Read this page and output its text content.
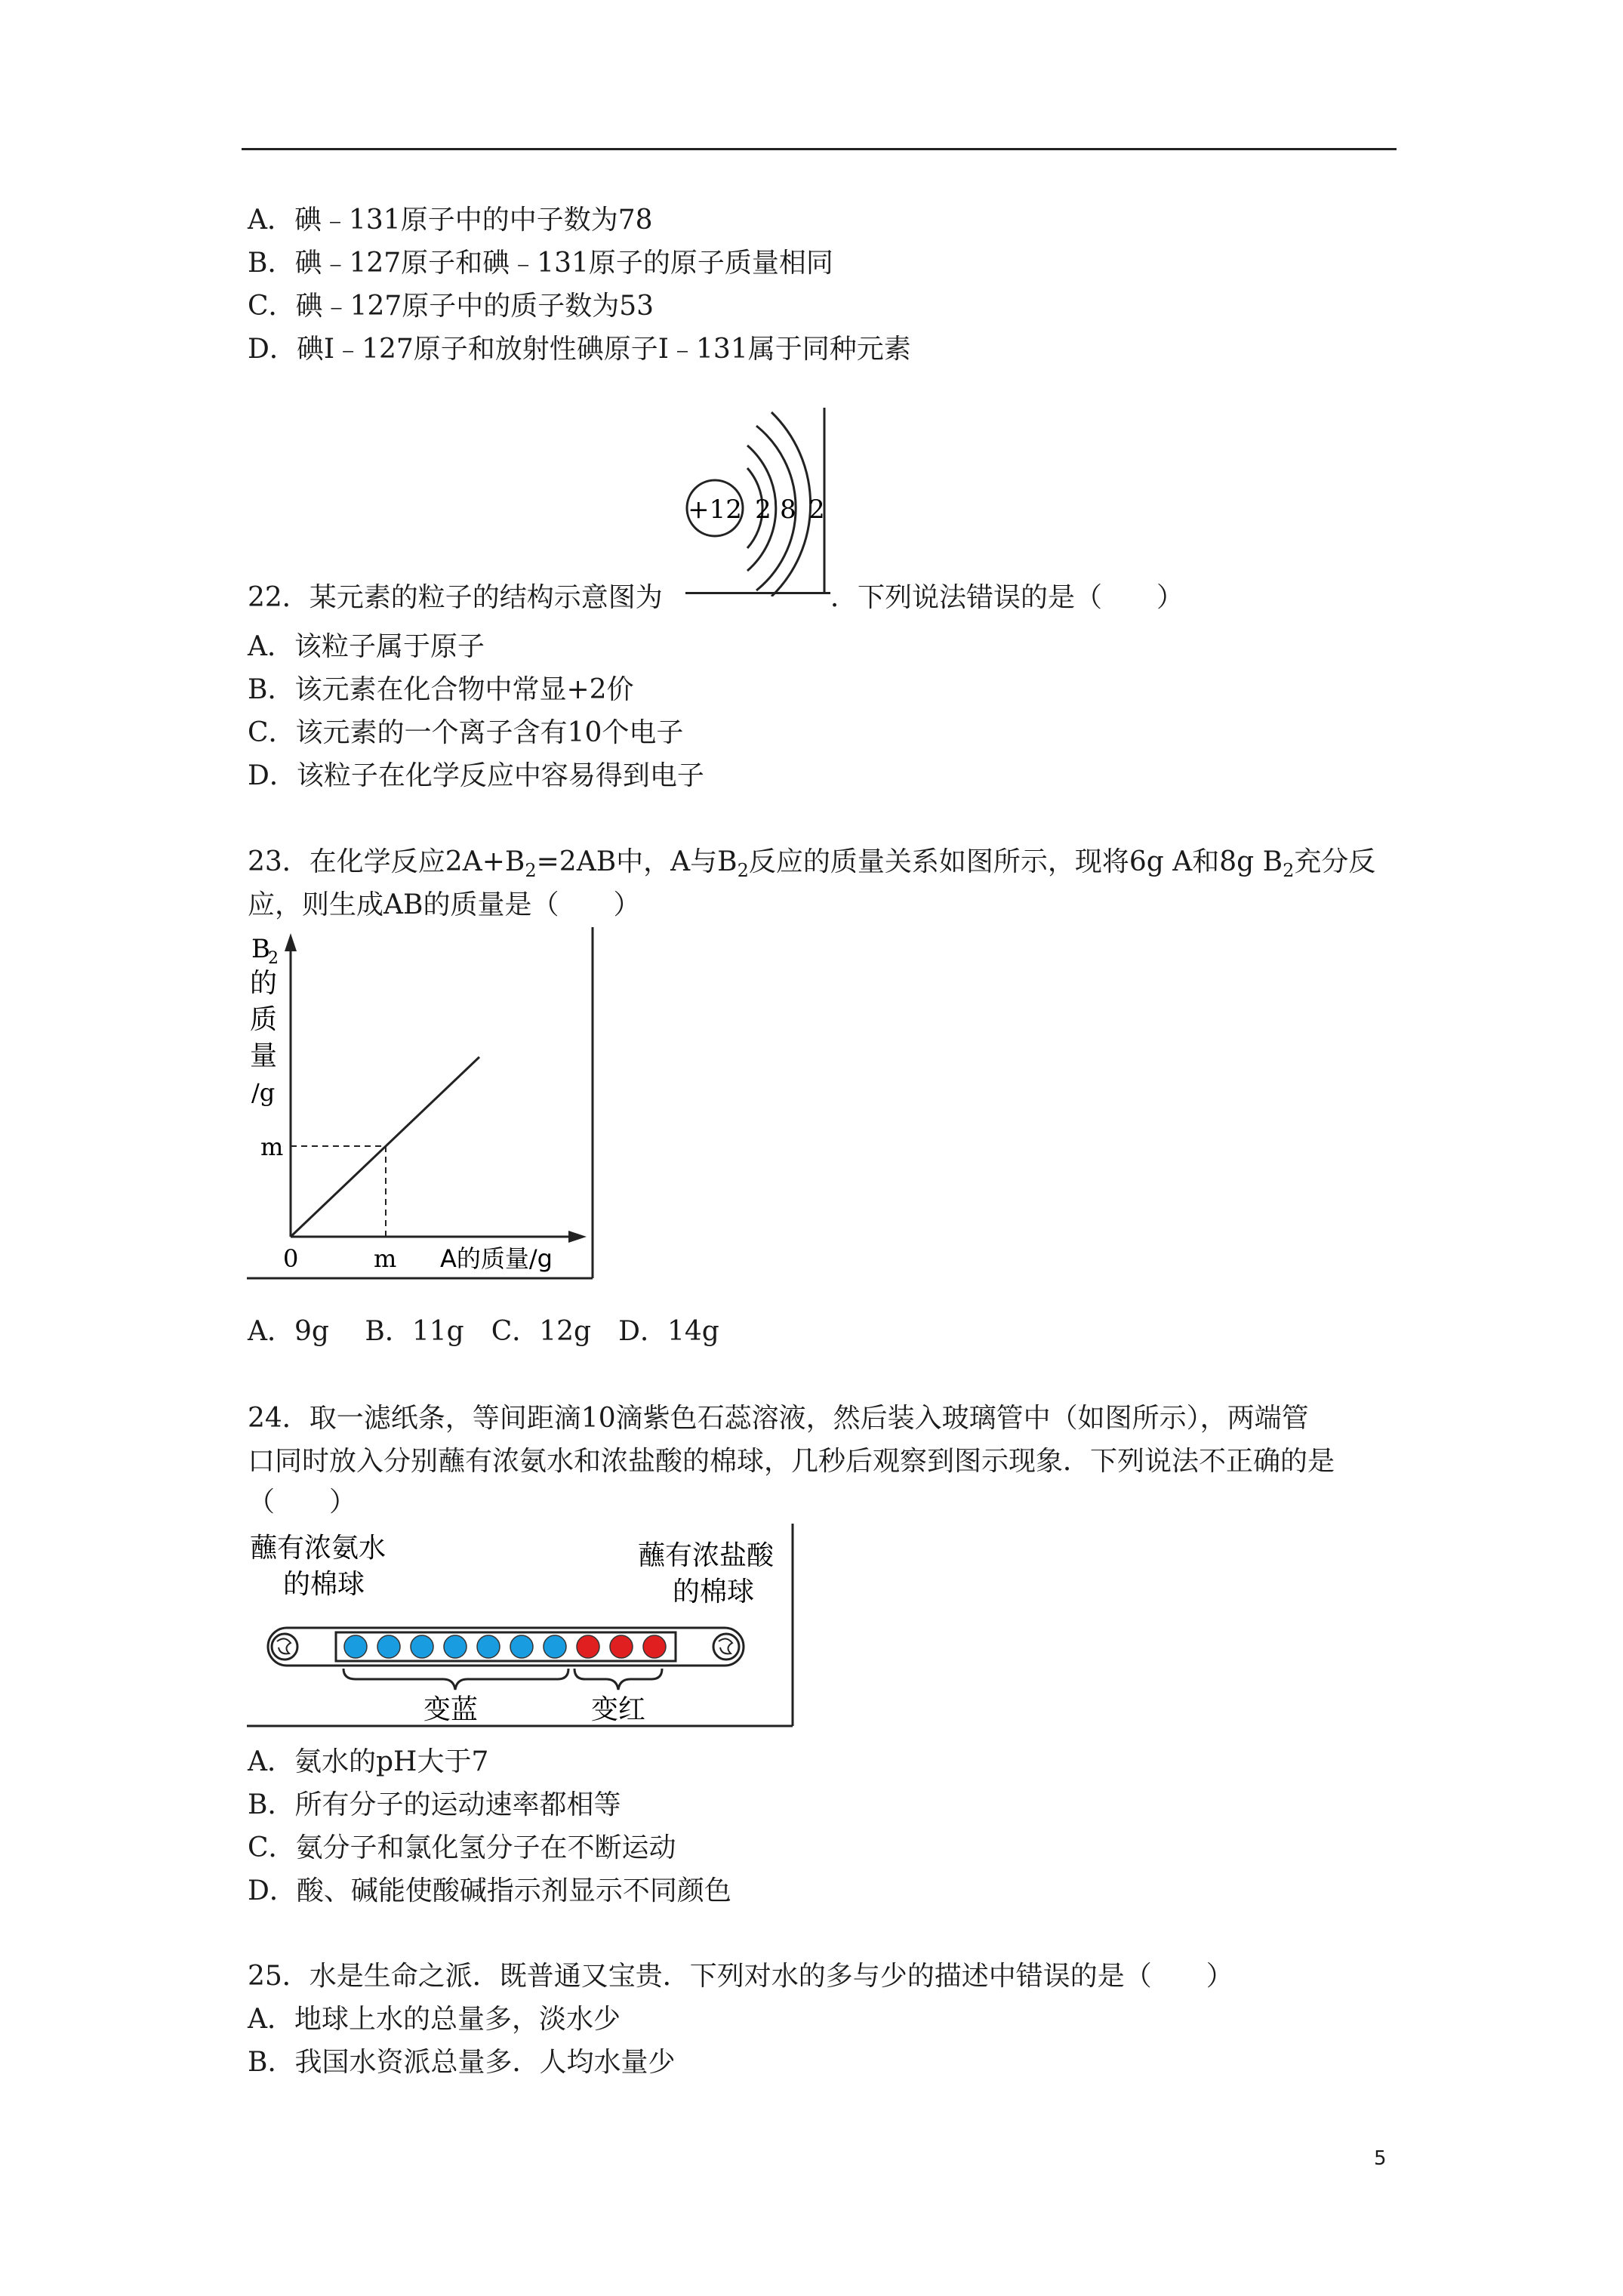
A．碘﹣131原子中的中子数为78
B．碘﹣127原子和碘﹣131原子的原子质量相同
C．碘﹣127原子中的质子数为53
D．碘Ⅰ﹣127原子和放射性碘原子Ⅰ﹣131属于同种元素
+12 2 8 2
22．某元素的粒子的结构示意图为	．下列说法错误的是（　　）
A．该粒子属于原子
B．该元素在化合物中常显+2价
C．该元素的一个离子含有10个电子
D．该粒子在化学反应中容易得到电子
23．在化学反应$2A+B_2=2AB$中，A与$B_2$反应的质量关系如图所示，现将6g A和8g $B_2$充分反
应，则生成AB的质量是（　　）
B
2
的
质
量
/g
m
0	m A的质量/g
A．9g　 B．11g　C．12g　D．14g
24．取一滤纸条，等间距滴10滴紫色石蕊溶液，然后装入玻璃管中（如图所示），两端管
口同时放入分别蘸有浓氨水和浓盐酸的棉球，几秒后观察到图示现象．下列说法不正确的是
（　　）
蘸有浓氨水
的棉球
蘸有浓盐酸
的棉球
变蓝	变红
A．氨水的pH大于7
B．所有分子的运动速率都相等
C．氨分子和氯化氢分子在不断运动
D．酸、碱能使酸碱指示剂显示不同颜色
25．水是生命之派．既普通又宝贵．下列对水的多与少的描述中错误的是（　　）
A．地球上水的总量多，淡水少
B．我国水资派总量多．人均水量少
5
